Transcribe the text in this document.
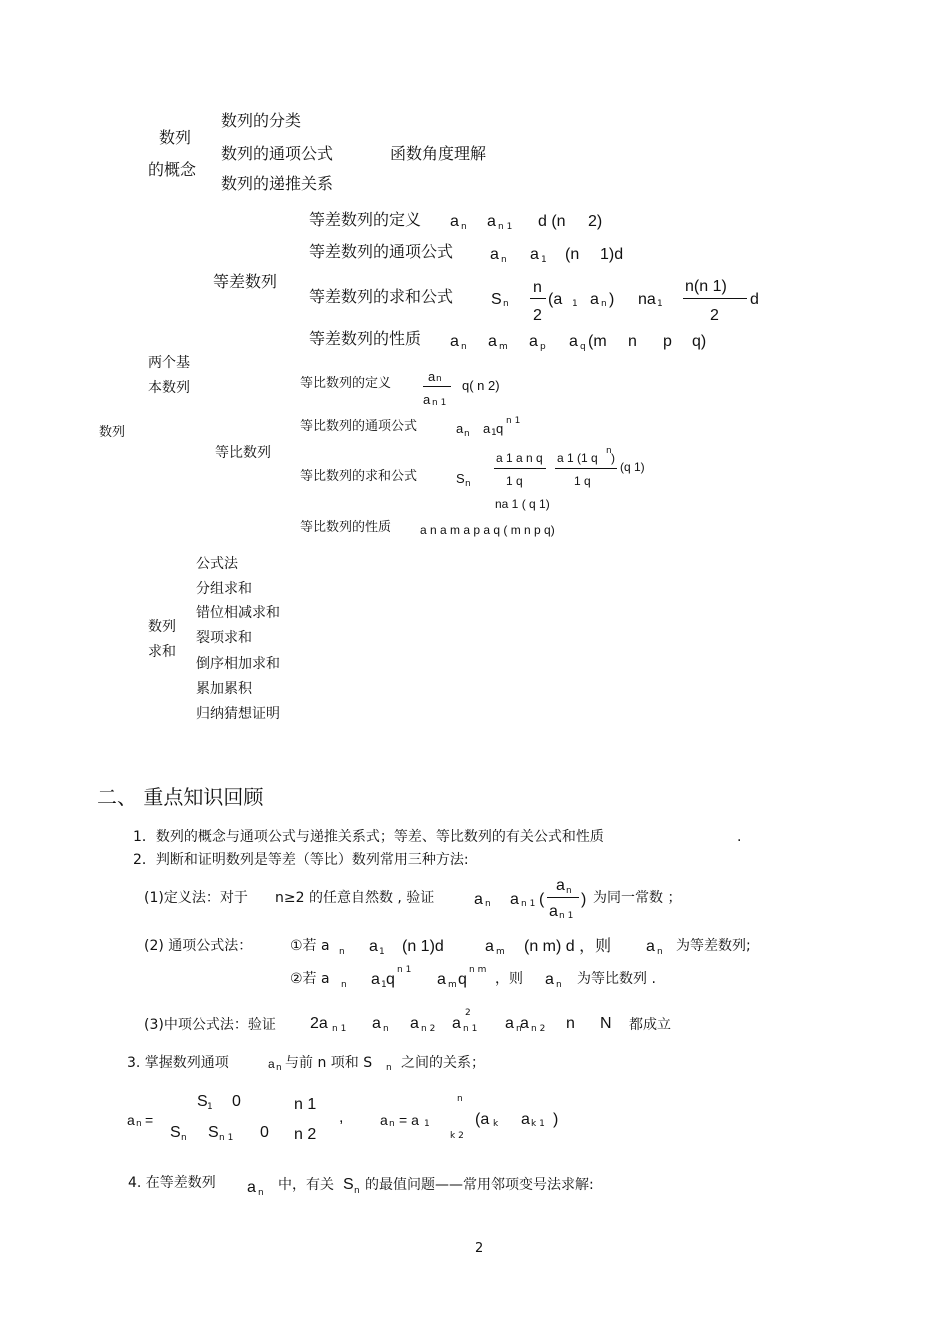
数列
数列
的概念
数列的分类
数列的通项公式	函数角度理解
数列的递推关系
两个基
本数列
等差数列
等差数列的定义 a n a n 1 d (n 2)
等差数列的通项公式 a n a 1 (n 1)d
等差数列的求和公式 S n
n
2
(a 1 a n ) na 1
n(n 1)
2
d
等差数列的性质 a n a m a p a q (m n p q)
等比数列
等比数列的定义	a n
a n 1
q( n 2)
等比数列的通项公式	a n a 1 q n 1
等比数列的求和公式	S n
a 1 a n q
1 q
a 1 (1 q n )
1 q
(q 1)
na 1 ( q 1)
等比数列的性质 a n a m a p a q ( m n p q)
数列
求和
公式法
分组求和
错位相减求和
裂项求和
倒序相加求和
累加累积
归纳猜想证明
二、 重点知识回顾
1．数列的概念与通项公式与递推关系式；等差、等比数列的有关公式和性质	.
2．判断和证明数列是等差（等比）数列常用三种方法:
(1)定义法：对于 n≥2 的任意自然数 , 验证 a n a n 1 (
a n
a n 1
) 为同一常数 ；
(2) 通项公式法：	①若 a n a 1 (n 1)d	a m (n m) d ，则 a n 为等差数列;
②若 a n a 1 q
n 1
a m q
n m
，则 a n 为等比数列 .
(3)中项公式法：验证 2a n 1 a n a n 2 a
2
n 1 a n
a n 2 n N 都成立
3. 掌握数列通项	a n 与前 n 项和 S n 之间的关系；
a n =
S 1 0	n 1
S n S n 1 0 n 2
,	a n = a 1
n
k 2
(a k a k 1 )
4. 在等差数列 a n 中，有关 S n 的最值问题——常用邻项变号法求解:
2
